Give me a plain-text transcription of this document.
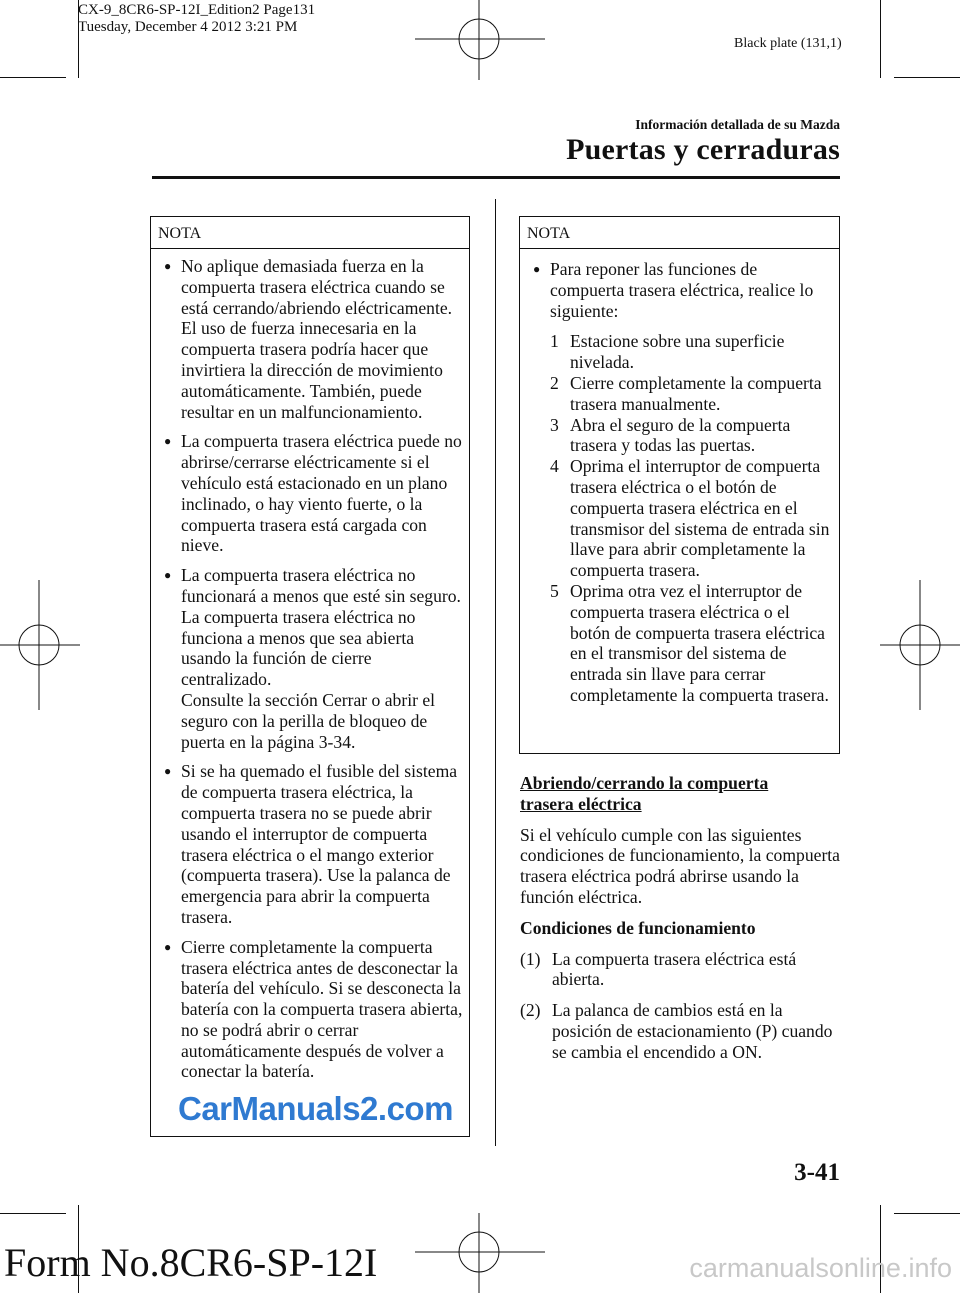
CX-9_8CR6-SP-12I_Edition2 Page131
Tuesday, December 4 2012 3:21 PM
Black plate (131,1)
Información detallada de su Mazda
Puertas y cerraduras
NOTA
● No aplique demasiada fuerza en la compuerta trasera eléctrica cuando se está cerrando/abriendo eléctricamente. El uso de fuerza innecesaria en la compuerta trasera podría hacer que invirtiera la dirección de movimiento automáticamente. También, puede resultar en un malfuncionamiento.
● La compuerta trasera eléctrica puede no abrirse/cerrarse eléctricamente si el vehículo está estacionado en un plano inclinado, o hay viento fuerte, o la compuerta trasera está cargada con nieve.
● La compuerta trasera eléctrica no funcionará a menos que esté sin seguro. La compuerta trasera eléctrica no funciona a menos que sea abierta usando la función de cierre centralizado.
Consulte la sección Cerrar o abrir el seguro con la perilla de bloqueo de puerta en la página 3-34.
● Si se ha quemado el fusible del sistema de compuerta trasera eléctrica, la compuerta trasera no se puede abrir usando el interruptor de compuerta trasera eléctrica o el mango exterior (compuerta trasera). Use la palanca de emergencia para abrir la compuerta trasera.
● Cierre completamente la compuerta trasera eléctrica antes de desconectar la batería del vehículo. Si se desconecta la batería con la compuerta trasera abierta, no se podrá abrir o cerrar automáticamente después de volver a conectar la batería.
NOTA
● Para reponer las funciones de compuerta trasera eléctrica, realice lo siguiente:
1 Estacione sobre una superficie nivelada.
2 Cierre completamente la compuerta trasera manualmente.
3 Abra el seguro de la compuerta trasera y todas las puertas.
4 Oprima el interruptor de compuerta trasera eléctrica o el botón de compuerta trasera eléctrica en el transmisor del sistema de entrada sin llave para abrir completamente la compuerta trasera.
5 Oprima otra vez el interruptor de compuerta trasera eléctrica o el botón de compuerta trasera eléctrica en el transmisor del sistema de entrada sin llave para cerrar completamente la compuerta trasera.
Abriendo/cerrando la compuerta trasera eléctrica
Si el vehículo cumple con las siguientes condiciones de funcionamiento, la compuerta trasera eléctrica podrá abrirse usando la función eléctrica.
Condiciones de funcionamiento
(1) La compuerta trasera eléctrica está abierta.
(2) La palanca de cambios está en la posición de estacionamiento (P) cuando se cambia el encendido a ON.
CarManuals2.com
3-41
Form No.8CR6-SP-12I	carmanualsonline.info
